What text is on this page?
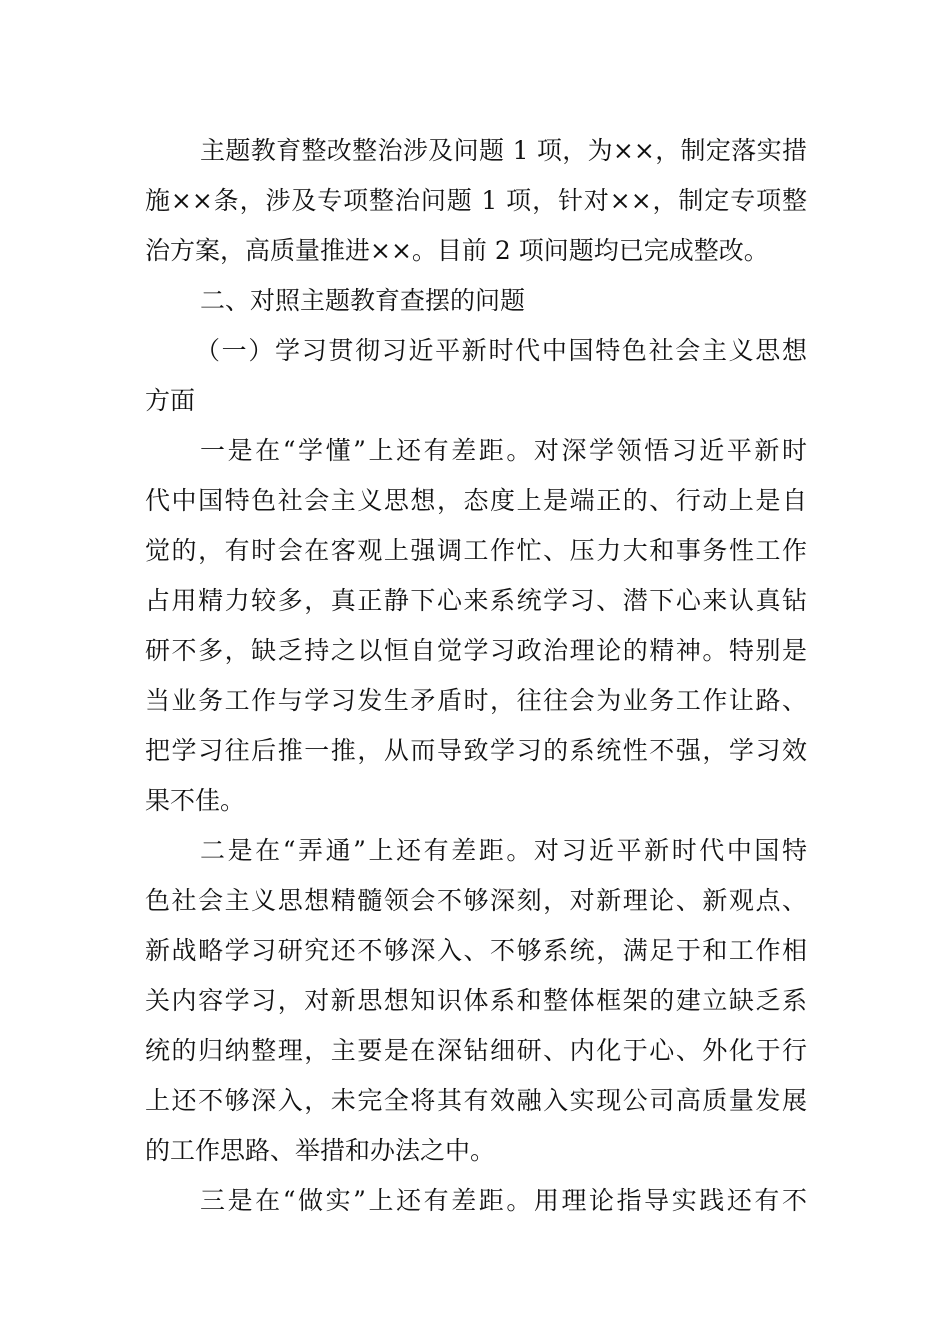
主题教育整改整治涉及问题 1 项，为××，制定落实措
施××条，涉及专项整治问题 1 项，针对××，制定专项整
治方案，高质量推进××。目前 2 项问题均已完成整改。
二、对照主题教育查摆的问题
（一）学习贯彻习近平新时代中国特色社会主义思想
方面
一是在“学懂”上还有差距。对深学领悟习近平新时
代中国特色社会主义思想，态度上是端正的、行动上是自
觉的，有时会在客观上强调工作忙、压力大和事务性工作
占用精力较多，真正静下心来系统学习、潜下心来认真钻
研不多，缺乏持之以恒自觉学习政治理论的精神。特别是
当业务工作与学习发生矛盾时，往往会为业务工作让路、
把学习往后推一推，从而导致学习的系统性不强，学习效
果不佳。
二是在“弄通”上还有差距。对习近平新时代中国特
色社会主义思想精髓领会不够深刻，对新理论、新观点、
新战略学习研究还不够深入、不够系统，满足于和工作相
关内容学习，对新思想知识体系和整体框架的建立缺乏系
统的归纳整理，主要是在深钻细研、内化于心、外化于行
上还不够深入，未完全将其有效融入实现公司高质量发展
的工作思路、举措和办法之中。
三是在“做实”上还有差距。用理论指导实践还有不
